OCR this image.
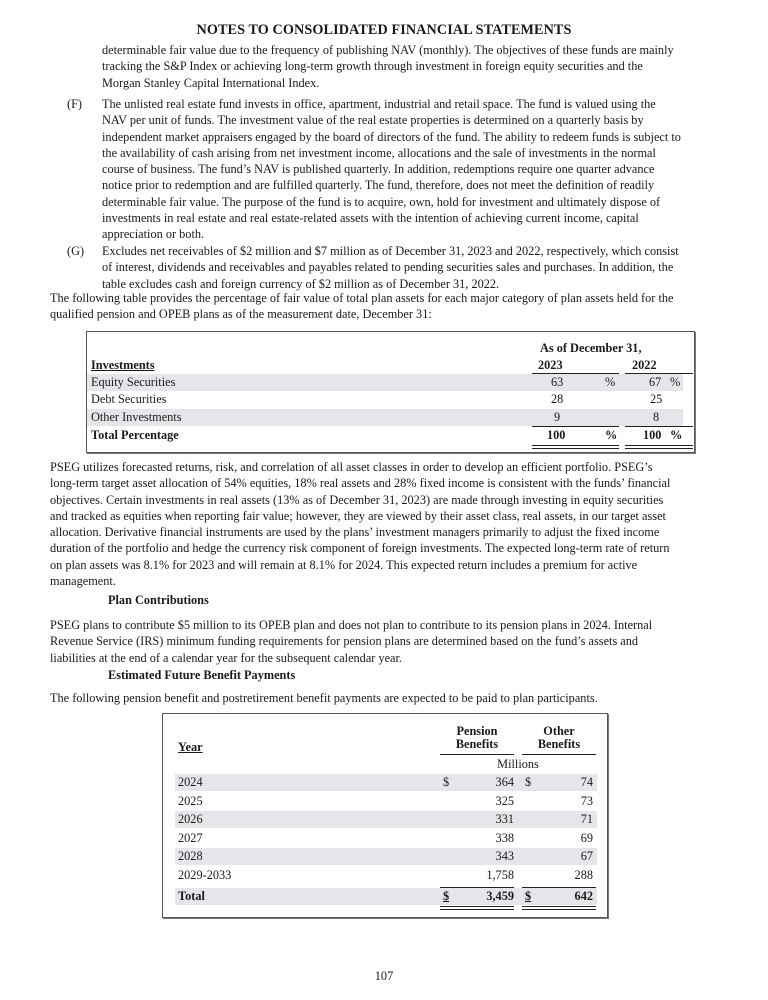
NOTES TO CONSOLIDATED FINANCIAL STATEMENTS
determinable fair value due to the frequency of publishing NAV (monthly). The objectives of these funds are mainly
tracking the S&P Index or achieving long-term growth through investment in foreign equity securities and the
Morgan Stanley Capital International Index.
(F) The unlisted real estate fund invests in office, apartment, industrial and retail space. The fund is valued using the
NAV per unit of funds. The investment value of the real estate properties is determined on a quarterly basis by
independent market appraisers engaged by the board of directors of the fund. The ability to redeem funds is subject to
the availability of cash arising from net investment income, allocations and the sale of investments in the normal
course of business. The fund’s NAV is published quarterly. In addition, redemptions require one quarter advance
notice prior to redemption and are fulfilled quarterly. The fund, therefore, does not meet the definition of readily
determinable fair value. The purpose of the fund is to acquire, own, hold for investment and ultimately dispose of
investments in real estate and real estate-related assets with the intention of achieving current income, capital
appreciation or both.
(G) Excludes net receivables of $2 million and $7 million as of December 31, 2023 and 2022, respectively, which consist
of interest, dividends and receivables and payables related to pending securities sales and purchases. In addition, the
table excludes cash and foreign currency of $2 million as of December 31, 2022.
The following table provides the percentage of fair value of total plan assets for each major category of plan assets held for the
qualified pension and OPEB plans as of the measurement date, December 31:
As of December 31,
Investments	2023	2022
Equity Securities	63	%	67 %
Debt Securities	28	25
Other Investments	9	8
Total Percentage	100	% 100 %
PSEG utilizes forecasted returns, risk, and correlation of all asset classes in order to develop an efficient portfolio. PSEG’s
long-term target asset allocation of 54% equities, 18% real assets and 28% fixed income is consistent with the funds’ financial
objectives. Certain investments in real assets (13% as of December 31, 2023) are made through investing in equity securities
and tracked as equities when reporting fair value; however, they are viewed by their asset class, real assets, in our target asset
allocation. Derivative financial instruments are used by the plans’ investment managers primarily to adjust the fixed income
duration of the portfolio and hedge the currency risk component of foreign investments. The expected long-term rate of return
on plan assets was 8.1% for 2023 and will remain at 8.1% for 2024. This expected return includes a premium for active
management.
Plan Contributions
PSEG plans to contribute $5 million to its OPEB plan and does not plan to contribute to its pension plans in 2024. Internal
Revenue Service (IRS) minimum funding requirements for pension plans are determined based on the fund’s assets and
liabilities at the end of a calendar year for the subsequent calendar year.
Estimated Future Benefit Payments
The following pension benefit and postretirement benefit payments are expected to be paid to plan participants.
Year
Pension
Benefits
Other
Benefits
Millions
2024	$	364 $	74
2025	325	73
2026	331	71
2027	338	69
2028	343	67
2029-2033	1,758	288
Total	$	3,459 $	642
107
